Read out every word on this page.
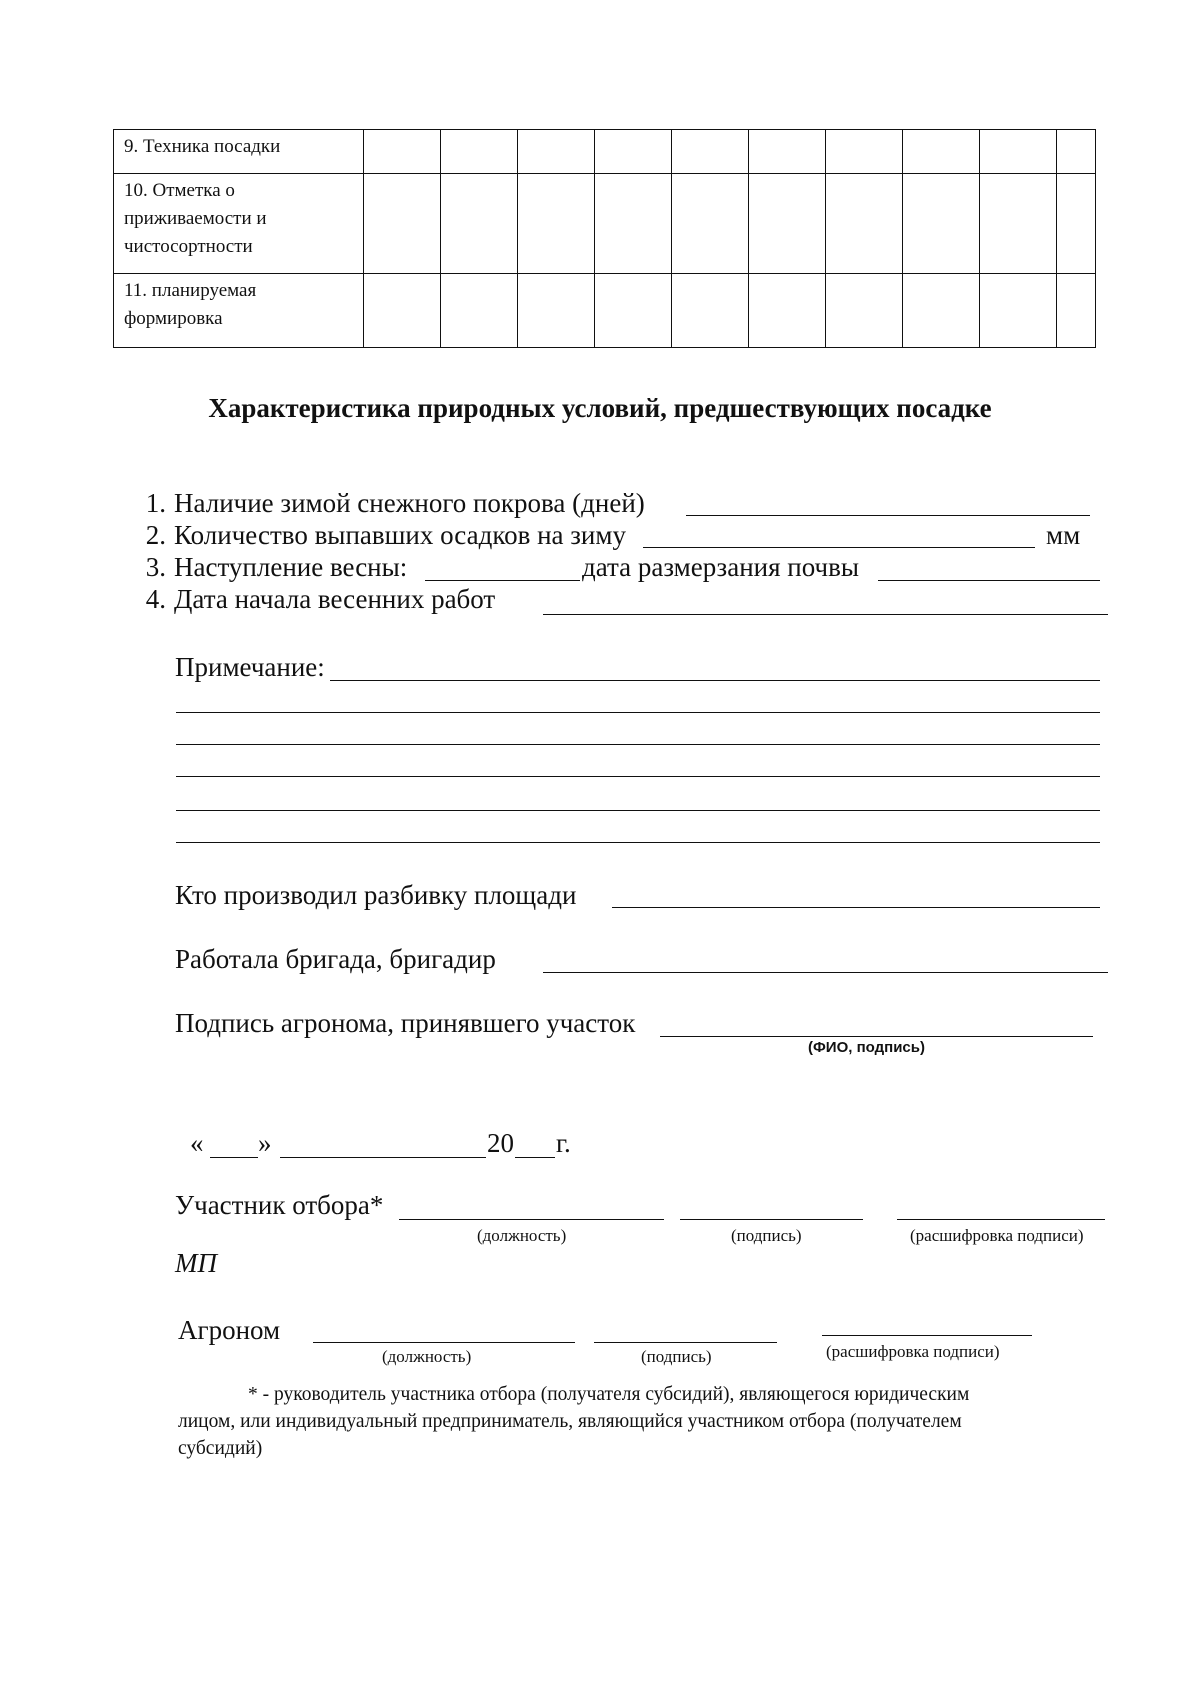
9. Техника посадки										
10. Отметка о приживаемости и чистосортности										
11. планируемая формировка										
Характеристика природных условий, предшествующих посадке
1. Наличие зимой снежного покрова (дней)
2. Количество выпавших осадков на зиму	мм
3. Наступление весны:	дата размерзания почвы
4. Дата начала весенних работ
Примечание:
Кто производил разбивку площади
Работала бригада, бригадир
Подпись агронома, принявшего участок
(ФИО, подпись)
« »	20 г.
Участник отбора*
(должность)	(подпись)	(расшифровка подписи)
МП
Агроном
(должность)	(подпись)	(расшифровка подписи)
* - руководитель участника отбора (получателя субсидий), являющегося юридическим
лицом, или индивидуальный предприниматель, являющийся участником отбора (получателем
субсидий)
